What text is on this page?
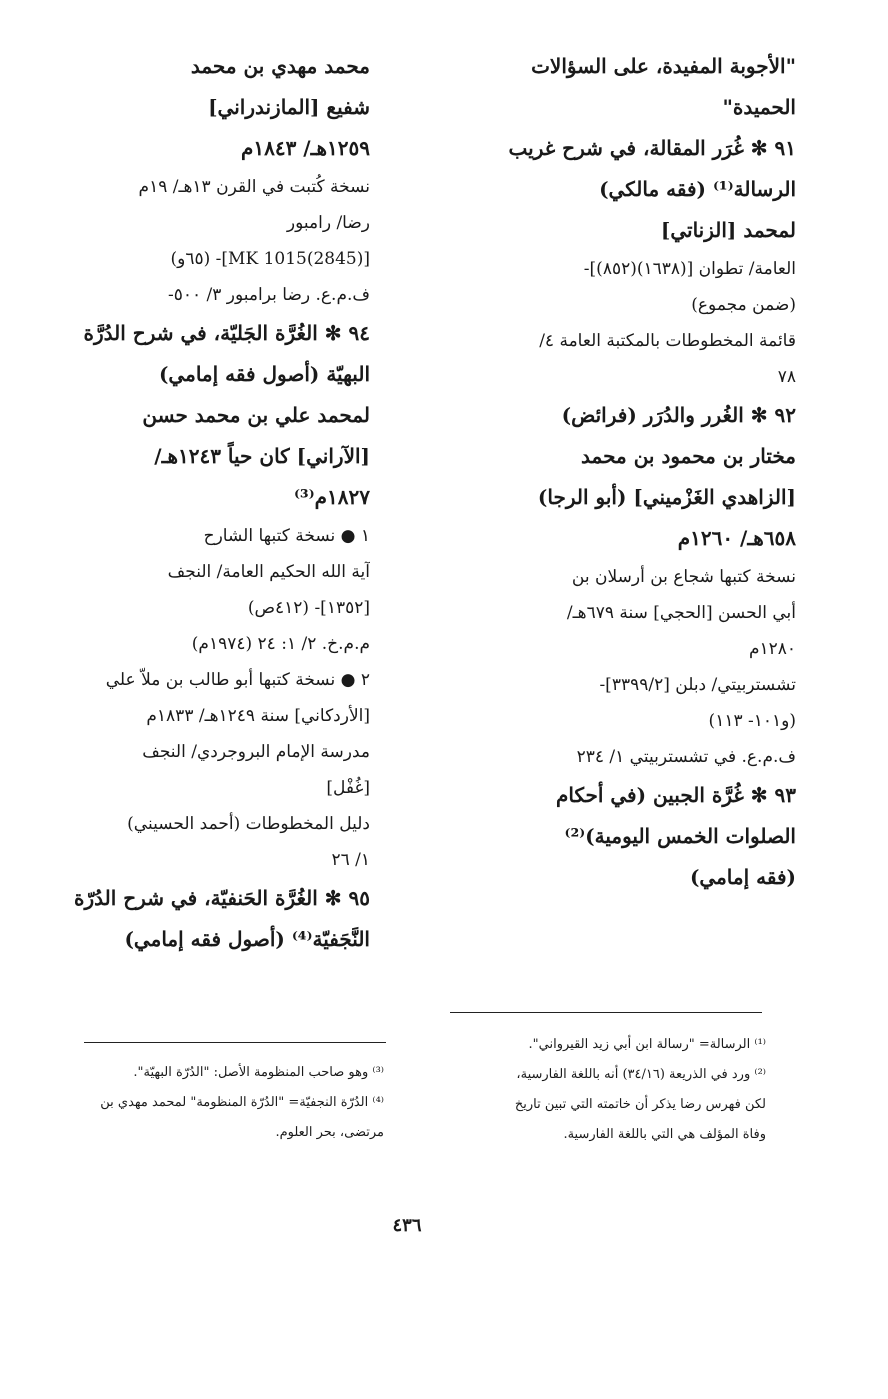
"الأجوبة المفيدة، على السؤالات

الحميدة"

٩١ ✻ غُرَر المقالة، في شرح غريب

الرسالة⁽¹⁾ (فقه مالكي)

لمحمد [الزناتي]

العامة/ تطوان [(١٦٣٨)(٨٥٢)]-

(ضمن مجموع)

قائمة المخطوطات بالمكتبة العامة ٤/

٧٨

٩٢ ✻ الغُرر والدُرَر (فرائض)

مختار بن محمود بن محمد

[الزاهدي الغَزْميني] (أبو الرجا)

٦٥٨هـ/ ١٢٦٠م

نسخة كتبها شجاع بن أرسلان بن

أبي الحسن [الحجي] سنة ٦٧٩هـ/

١٢٨٠م

تشستربيتي/ دبلن [٣٣٩٩/٢]-

(و١٠١- ١١٣)

ف.م.ع. في تشستربيتي ١/ ٢٣٤

٩٣ ✻ غُرَّة الجبين (في أحكام

الصلوات الخمس اليومية)⁽²⁾

(فقه إمامي)

محمد مهدي بن محمد

شفيع [المازندراني]

١٢٥٩هـ/ ١٨٤٣م

نسخة كُتبت في القرن ١٣هـ/ ١٩م

رضا/ رامبور

[(2845)1015 MK]- (٦٥و)

ف.م.ع. رضا برامبور ٣/ ٥٠٠-

٩٤ ✻ الغُرَّة الجَليّة، في شرح الدُرَّة

البهيّة (أصول فقه إمامي)

لمحمد علي بن محمد حسن

[الآراني] كان حياً ١٢٤٣هـ/

١٨٢٧م⁽³⁾

١ ● نسخة كتبها الشارح

آية الله الحكيم العامة/ النجف

[١٣٥٢]- (٤١٢ص)

م.م.خ. ٢/ ١: ٢٤ (١٩٧٤م)

٢ ● نسخة كتبها أبو طالب بن ملاّ علي

[الأردكاني] سنة ١٢٤٩هـ/ ١٨٣٣م

مدرسة الإمام البروجردي/ النجف

[غُفْل]

دليل المخطوطات (أحمد الحسيني)

١/ ٢٦

٩٥ ✻ الغُرَّة الحَنفيّة، في شرح الدُرّة

النَّجَفيّة⁽⁴⁾ (أصول فقه إمامي)

⁽¹⁾ الرسالة= "رسالة ابن أبي زيد القيرواني".
⁽²⁾ ورد في الذريعة (٣٤/١٦) أنه باللغة الفارسية،
لكن فهرس رضا يذكر أن خاتمته التي تبين تاريخ
وفاة المؤلف هي التي باللغة الفارسية.
⁽³⁾ وهو صاحب المنظومة الأصل: "الدُرّة البهيّة".
⁽⁴⁾ الدُرّة النجفيّة= "الدُرّة المنظومة" لمحمد مهدي بن
مرتضى، بحر العلوم.
٤٣٦
